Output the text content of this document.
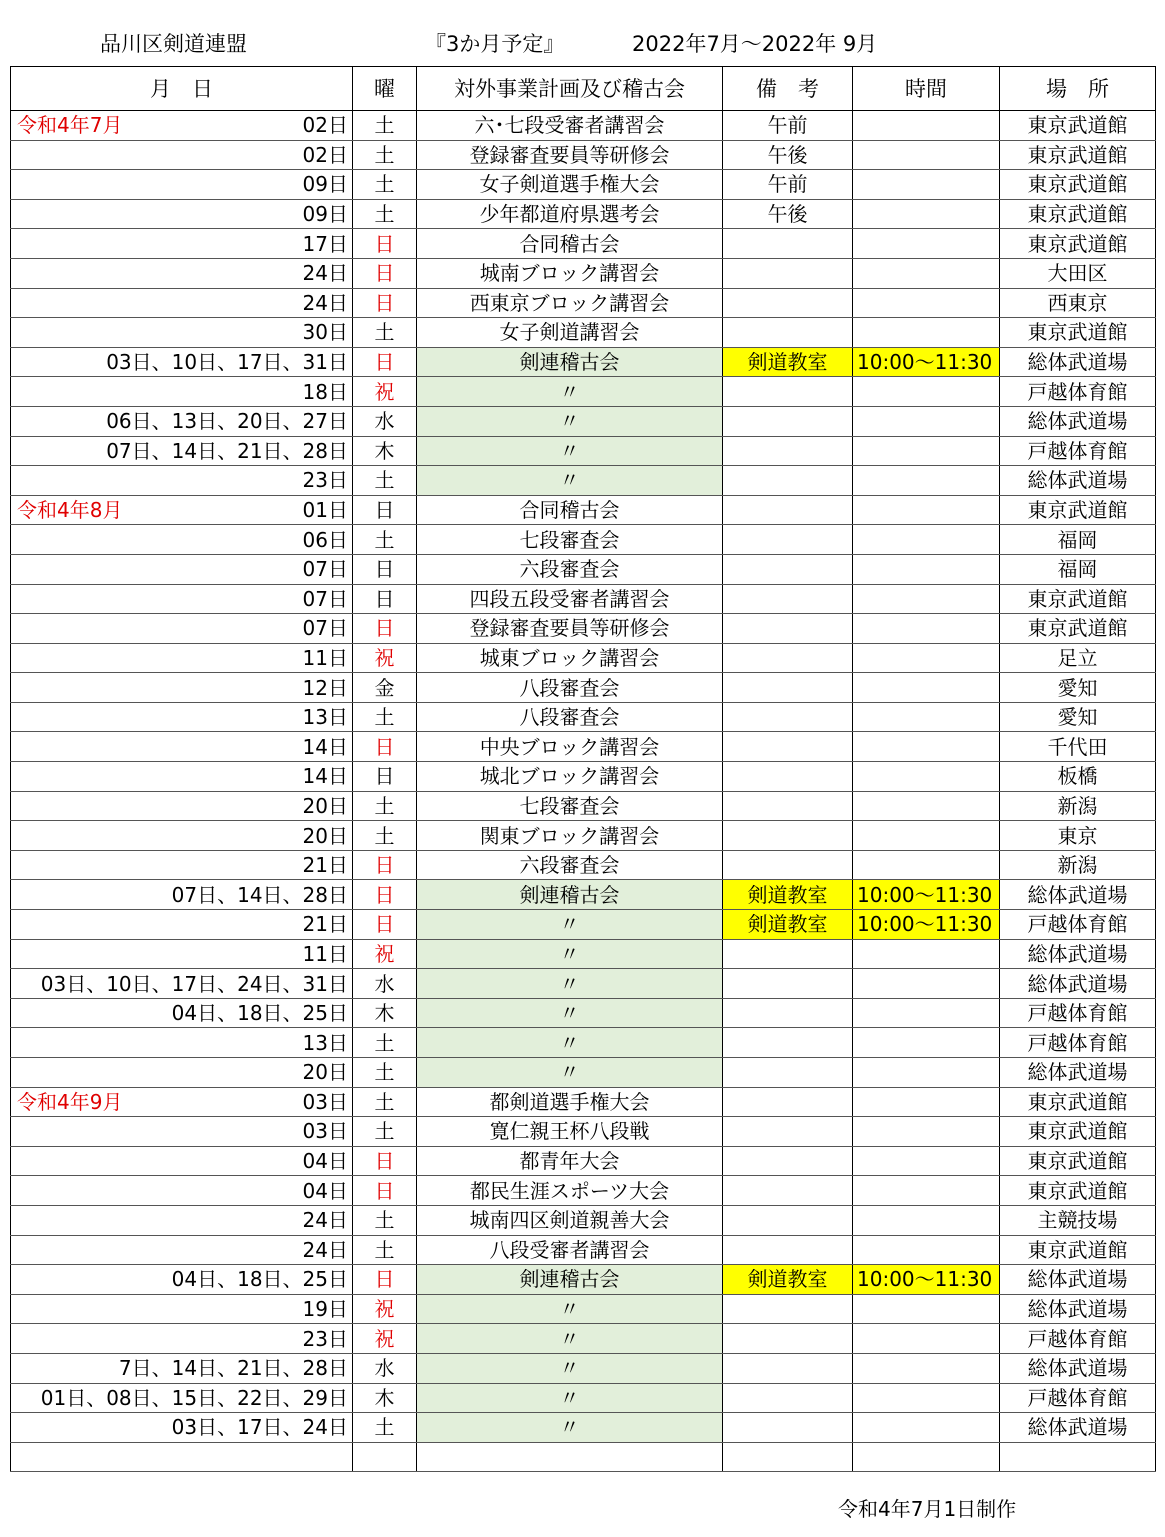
品川区剣道連盟	『3か月予定』	2022年7月～2022年 9月
月　日	曜	対外事業計画及び稽古会	備　考	時間	場　所

令和4年7月 02日	土	六･七段受審者講習会	午前		東京武道館
02日	土	登録審査要員等研修会	午後		東京武道館
09日	土	女子剣道選手権大会	午前		東京武道館
09日	土	少年都道府県選考会	午後		東京武道館
17日	日	合同稽古会			東京武道館
24日	日	城南ブロック講習会			大田区
24日	日	西東京ブロック講習会			西東京
30日	土	女子剣道講習会			東京武道館
03日、10日、17日、31日	日	剣連稽古会	剣道教室	10:00～11:30	総体武道場
18日	祝	〃			戸越体育館
06日、13日、20日、27日	水	〃			総体武道場
07日、14日、21日、28日	木	〃			戸越体育館
23日	土	〃			総体武道場

令和4年8月 01日	日	合同稽古会			東京武道館
06日	土	七段審査会			福岡
07日	日	六段審査会			福岡
07日	日	四段五段受審者講習会			東京武道館
07日	日	登録審査要員等研修会			東京武道館
11日	祝	城東ブロック講習会			足立
12日	金	八段審査会			愛知
13日	土	八段審査会			愛知
14日	日	中央ブロック講習会			千代田
14日	日	城北ブロック講習会			板橋
20日	土	七段審査会			新潟
20日	土	関東ブロック講習会			東京
21日	日	六段審査会			新潟
07日、14日、28日	日	剣連稽古会	剣道教室	10:00～11:30	総体武道場
21日	日	〃	剣道教室	10:00～11:30	戸越体育館
11日	祝	〃			総体武道場
03日、10日、17日、24日、31日	水	〃			総体武道場
04日、18日、25日	木	〃			戸越体育館
13日	土	〃			戸越体育館
20日	土	〃			総体武道場

令和4年9月 03日	土	都剣道選手権大会			東京武道館
03日	土	寛仁親王杯八段戦			東京武道館
04日	日	都青年大会			東京武道館
04日	日	都民生涯スポーツ大会			東京武道館
24日	土	城南四区剣道親善大会			主競技場
24日	土	八段受審者講習会			東京武道館
04日、18日、25日	日	剣連稽古会	剣道教室	10:00～11:30	総体武道場
19日	祝	〃			総体武道場
23日	祝	〃			戸越体育館
7日、14日、21日、28日	水	〃			総体武道場
01日、08日、15日、22日、29日	木	〃			戸越体育館
03日、17日、24日	土	〃			総体武道場

令和4年7月1日制作
